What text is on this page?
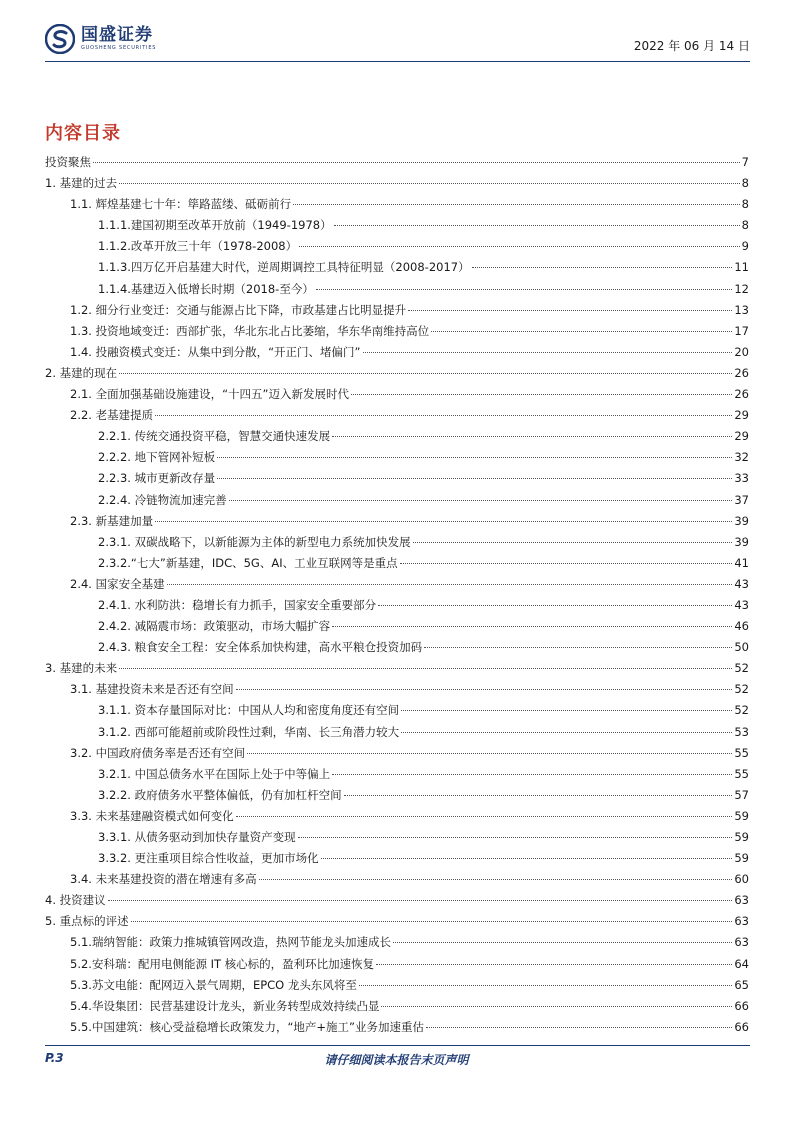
国盛证券
GUOSHENG SECURITIES	2022 年 06 月 14 日
内容目录
投资聚焦	7
1. 基建的过去	8
1.1. 辉煌基建七十年：筚路蓝缕、砥砺前行	8
1.1.1.建国初期至改革开放前（1949-1978）	8
1.1.2.改革开放三十年（1978-2008）	9
1.1.3.四万亿开启基建大时代，逆周期调控工具特征明显（2008-2017）	11
1.1.4.基建迈入低增长时期（2018-至今）	12
1.2. 细分行业变迁：交通与能源占比下降，市政基建占比明显提升	13
1.3. 投资地域变迁：西部扩张，华北东北占比萎缩，华东华南维持高位	17
1.4. 投融资模式变迁：从集中到分散，“开正门、堵偏门”	20
2. 基建的现在	26
2.1. 全面加强基础设施建设，“十四五”迈入新发展时代	26
2.2. 老基建提质	29
2.2.1. 传统交通投资平稳，智慧交通快速发展	29
2.2.2. 地下管网补短板	32
2.2.3. 城市更新改存量	33
2.2.4. 冷链物流加速完善	37
2.3. 新基建加量	39
2.3.1. 双碳战略下，以新能源为主体的新型电力系统加快发展	39
2.3.2.“七大”新基建，IDC、5G、AI、工业互联网等是重点	41
2.4. 国家安全基建	43
2.4.1. 水利防洪：稳增长有力抓手，国家安全重要部分	43
2.4.2. 减隔震市场：政策驱动，市场大幅扩容	46
2.4.3. 粮食安全工程：安全体系加快构建，高水平粮仓投资加码	50
3. 基建的未来	52
3.1. 基建投资未来是否还有空间	52
3.1.1. 资本存量国际对比：中国从人均和密度角度还有空间	52
3.1.2. 西部可能超前或阶段性过剩，华南、长三角潜力较大	53
3.2. 中国政府债务率是否还有空间	55
3.2.1. 中国总债务水平在国际上处于中等偏上	55
3.2.2. 政府债务水平整体偏低，仍有加杠杆空间	57
3.3. 未来基建融资模式如何变化	59
3.3.1. 从债务驱动到加快存量资产变现	59
3.3.2. 更注重项目综合性收益，更加市场化	59
3.4. 未来基建投资的潜在增速有多高	60
4. 投资建议	63
5. 重点标的评述	63
5.1.瑞纳智能：政策力推城镇管网改造，热网节能龙头加速成长	63
5.2.安科瑞：配用电侧能源 IT 核心标的，盈利环比加速恢复	64
5.3.苏文电能：配网迈入景气周期，EPCO 龙头东风将至	65
5.4.华设集团：民营基建设计龙头，新业务转型成效持续凸显	66
5.5.中国建筑：核心受益稳增长政策发力，“地产+施工”业务加速重估	66
P.3	请仔细阅读本报告末页声明
